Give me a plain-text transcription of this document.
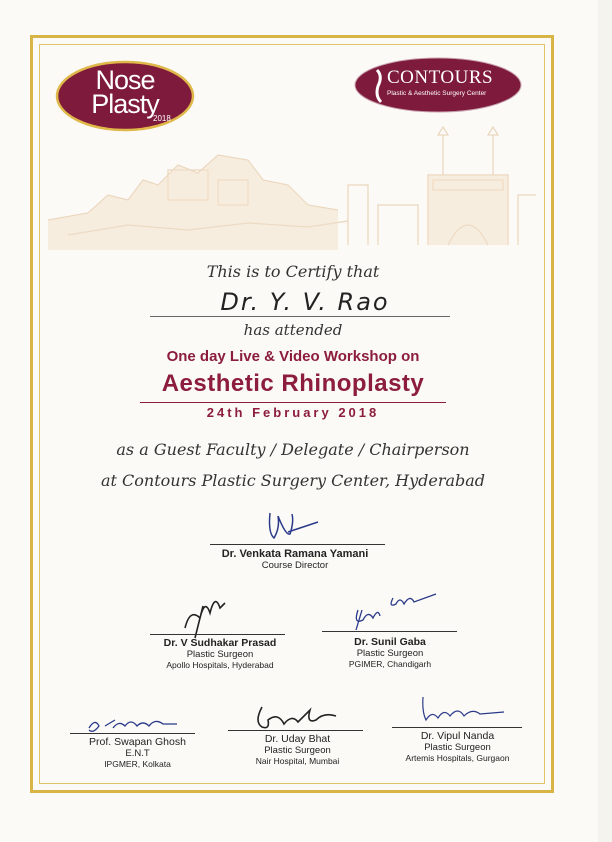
Nose
Plasty
2018
CONTOURS
Plastic & Aesthetic Surgery Center
This is to Certify that
Dr. Y. V. Rao
has attended
One day Live & Video Workshop on
Aesthetic Rhinoplasty
24th February 2018
as a Guest Faculty / Delegate / Chairperson
at Contours Plastic Surgery Center, Hyderabad
Dr. Venkata Ramana Yamani
Course Director
Dr. V Sudhakar Prasad
Plastic Surgeon
Apollo Hospitals, Hyderabad
Dr. Sunil Gaba
Plastic Surgeon
PGIMER, Chandigarh
Prof. Swapan Ghosh
E.N.T
IPGMER, Kolkata
Dr. Uday Bhat
Plastic Surgeon
Nair Hospital, Mumbai
Dr. Vipul Nanda
Plastic Surgeon
Artemis Hospitals, Gurgaon
